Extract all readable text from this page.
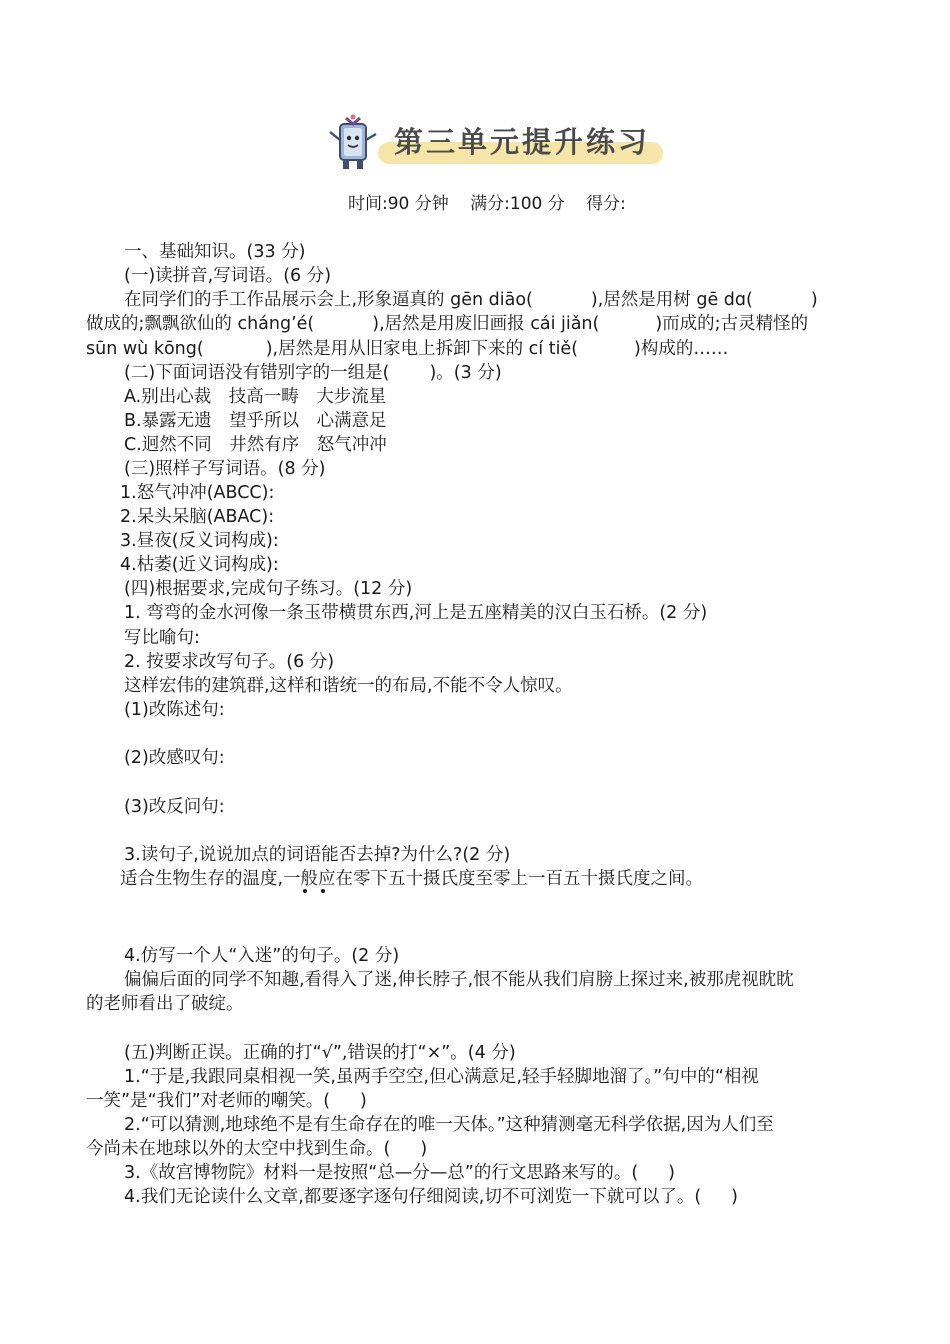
第三单元提升练习
时间:90 分钟 满分:100 分 得分:
一、基础知识。(33 分)
(一)读拼音,写词语。(6 分)
在同学们的手工作品展示会上,形象逼真的 gēn diāo(	),居然是用树 gē dɑ(	)
做成的;飘飘欲仙的 cháng’é(	),居然是用废旧画报 cái jiǎn(	)而成的;古灵精怪的
sūn wù kōng(	),居然是用从旧家电上拆卸下来的 cí tiě(	)构成的……
(二)下面词语没有错别字的一组是( )。(3 分)
A.别出心裁　技高一畴　大步流星
B.暴露无遗　望乎所以　心满意足
C.迥然不同　井然有序　怒气冲冲
(三)照样子写词语。(8 分)
1.怒气冲冲(ABCC):
2.呆头呆脑(ABAC):
3.昼夜(反义词构成):
4.枯萎(近义词构成):
(四)根据要求,完成句子练习。(12 分)
1. 弯弯的金水河像一条玉带横贯东西,河上是五座精美的汉白玉石桥。(2 分)
写比喻句:
2. 按要求改写句子。(6 分)
这样宏伟的建筑群,这样和谐统一的布局,不能不令人惊叹。
(1)改陈述句:
(2)改感叹句:
(3)改反问句:
3.读句子,说说加点的词语能否去掉?为什么?(2 分)
适合生物生存的温度,一般应在零下五十摄氏度至零上一百五十摄氏度之间。
4.仿写一个人“入迷”的句子。(2 分)
偏偏后面的同学不知趣,看得入了迷,伸长脖子,恨不能从我们肩膀上探过来,被那虎视眈眈
的老师看出了破绽。
(五)判断正误。正确的打“√”,错误的打“×”。(4 分)
1.“于是,我跟同桌相视一笑,虽两手空空,但心满意足,轻手轻脚地溜了。”句中的“相视
一笑”是“我们”对老师的嘲笑。( )
2.“可以猜测,地球绝不是有生命存在的唯一天体。”这种猜测毫无科学依据,因为人们至
今尚未在地球以外的太空中找到生命。( )
3.《故宫博物院》材料一是按照“总—分—总”的行文思路来写的。( )
4.我们无论读什么文章,都要逐字逐句仔细阅读,切不可浏览一下就可以了。( )
